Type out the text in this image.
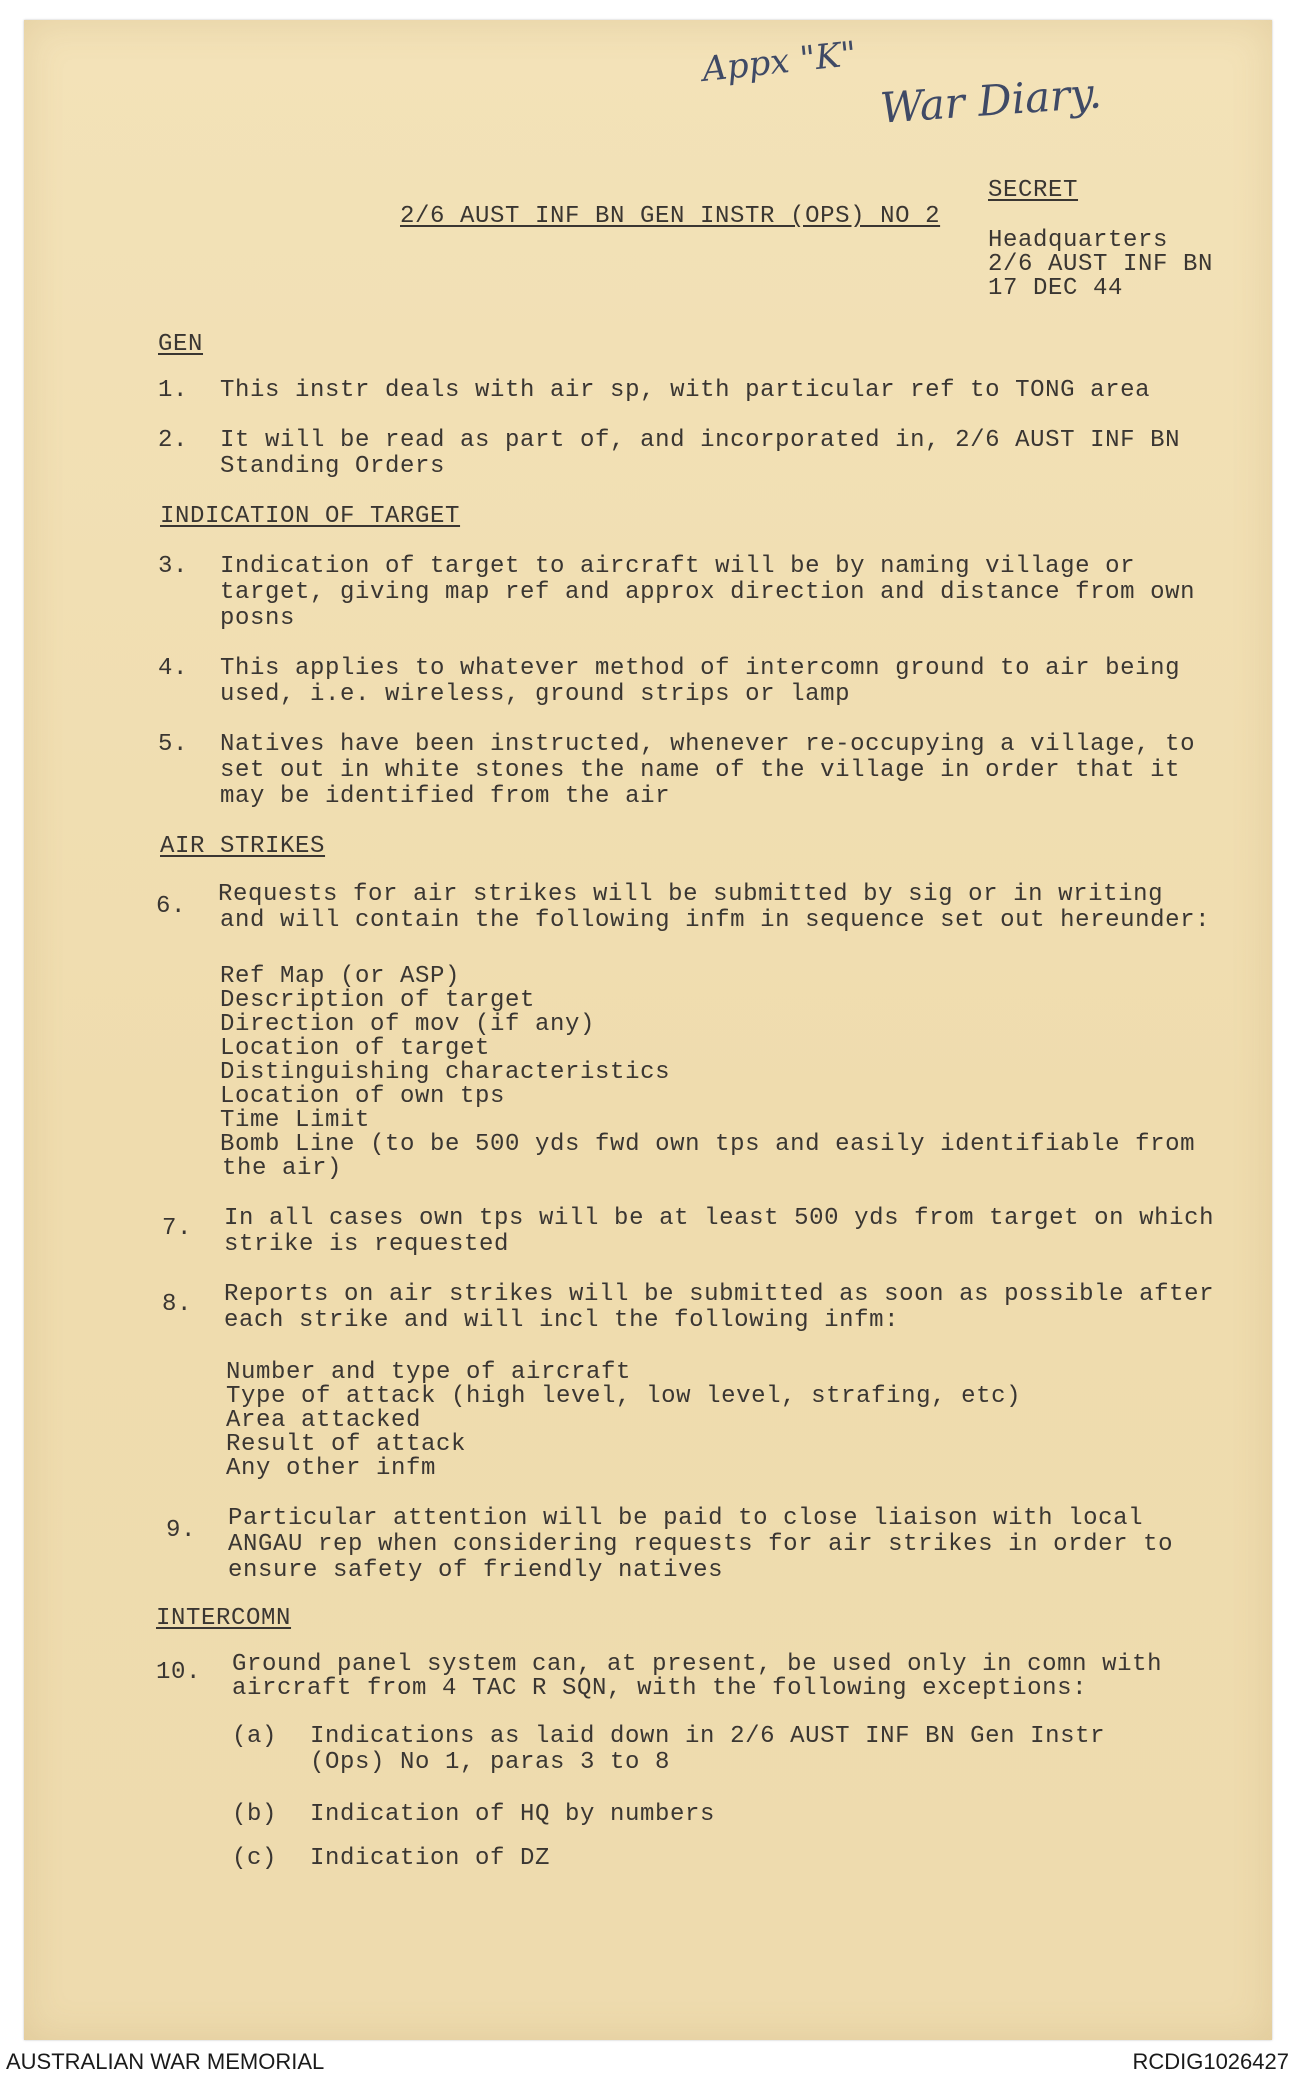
Appx "K"
War Diary.
2/6 AUST INF BN GEN INSTR (OPS) NO 2
SECRET
Headquarters
2/6 AUST INF BN
17 DEC 44
GEN
1. This instr deals with air sp, with particular ref to TONG area
2. It will be read as part of, and incorporated in, 2/6 AUST INF BN
Standing Orders
INDICATION OF TARGET
3. Indication of target to aircraft will be by naming village or
target, giving map ref and approx direction and distance from own
posns
4. This applies to whatever method of intercomn ground to air being
used, i.e. wireless, ground strips or lamp
5. Natives have been instructed, whenever re-occupying a village, to
set out in white stones the name of the village in order that it
may be identified from the air
AIR STRIKES
6. Requests for air strikes will be submitted by sig or in writing
and will contain the following infm in sequence set out hereunder:
Ref Map (or ASP)
Description of target
Direction of mov (if any)
Location of target
Distinguishing characteristics
Location of own tps
Time Limit
Bomb Line (to be 500 yds fwd own tps and easily identifiable from
the air)
7. In all cases own tps will be at least 500 yds from target on which
strike is requested
8. Reports on air strikes will be submitted as soon as possible after
each strike and will incl the following infm:
Number and type of aircraft
Type of attack (high level, low level, strafing, etc)
Area attacked
Result of attack
Any other infm
9. Particular attention will be paid to close liaison with local
ANGAU rep when considering requests for air strikes in order to
ensure safety of friendly natives
INTERCOMN
10. Ground panel system can, at present, be used only in comn with
aircraft from 4 TAC R SQN, with the following exceptions:
(a) Indications as laid down in 2/6 AUST INF BN Gen Instr
(Ops) No 1, paras 3 to 8
(b) Indication of HQ by numbers
(c) Indication of DZ
AUSTRALIAN WAR MEMORIAL	RCDIG1026427
